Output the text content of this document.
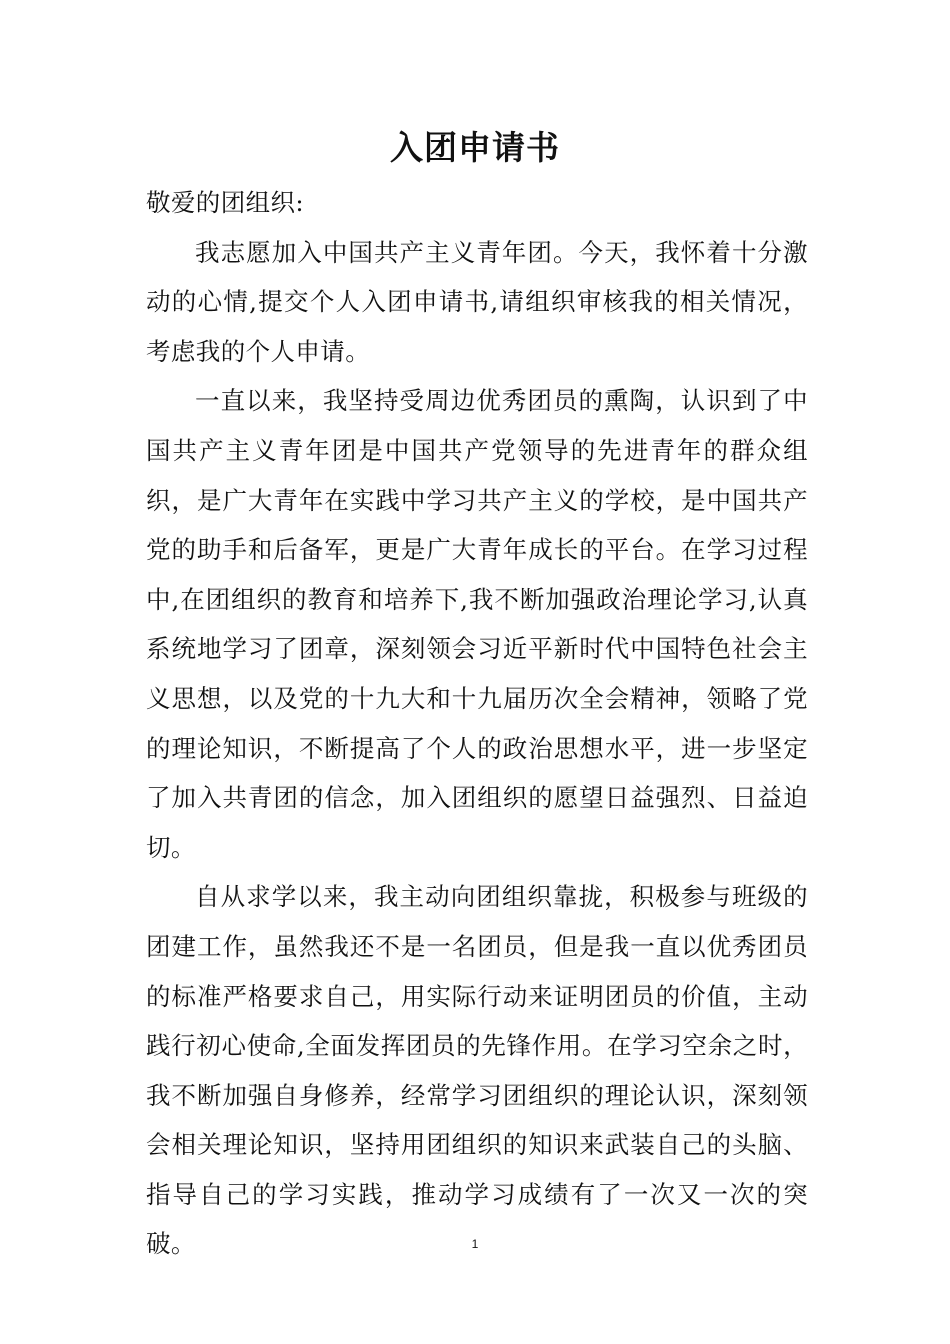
入团申请书

敬爱的团组织:

我志愿加入中国共产主义青年团。今天，我怀着十分激动的心情,提交个人入团申请书,请组织审核我的相关情况，考虑我的个人申请。

一直以来，我坚持受周边优秀团员的熏陶，认识到了中国共产主义青年团是中国共产党领导的先进青年的群众组织，是广大青年在实践中学习共产主义的学校，是中国共产党的助手和后备军，更是广大青年成长的平台。在学习过程中,在团组织的教育和培养下,我不断加强政治理论学习,认真系统地学习了团章，深刻领会习近平新时代中国特色社会主义思想，以及党的十九大和十九届历次全会精神，领略了党的理论知识，不断提高了个人的政治思想水平，进一步坚定了加入共青团的信念，加入团组织的愿望日益强烈、日益迫切。

自从求学以来，我主动向团组织靠拢，积极参与班级的团建工作，虽然我还不是一名团员，但是我一直以优秀团员的标准严格要求自己，用实际行动来证明团员的价值，主动践行初心使命,全面发挥团员的先锋作用。在学习空余之时，我不断加强自身修养，经常学习团组织的理论认识，深刻领会相关理论知识，坚持用团组织的知识来武装自己的头脑、指导自己的学习实践，推动学习成绩有了一次又一次的突破。	1
